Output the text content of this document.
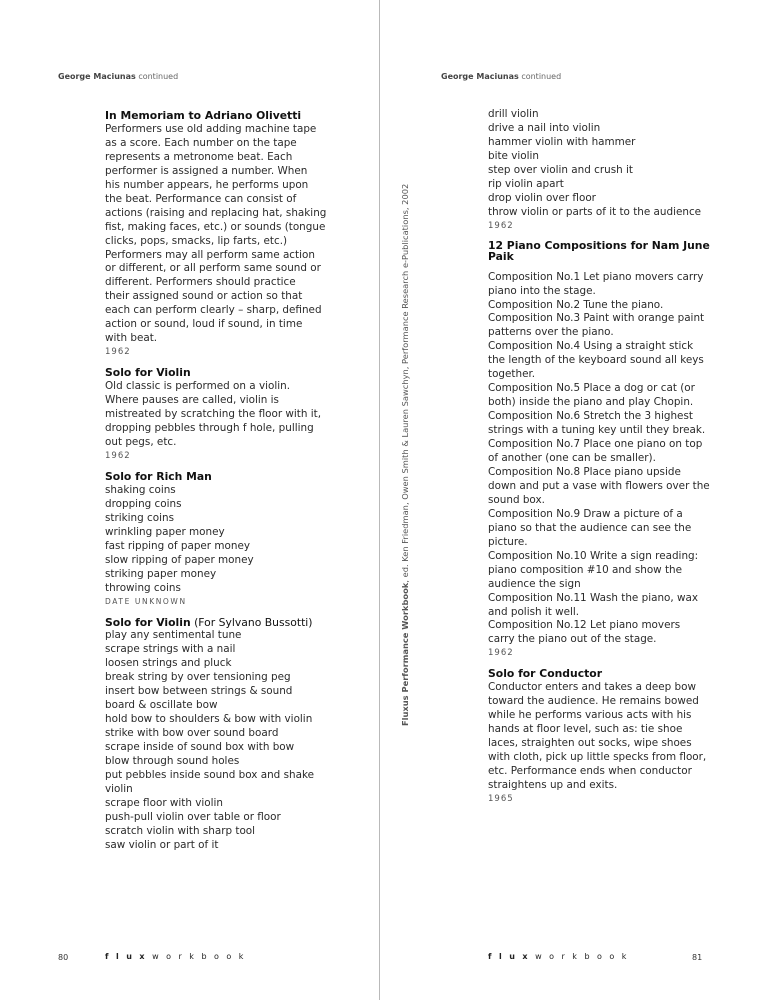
George Maciunas continued	George Maciunas continued
In Memoriam to Adriano Olivetti
Performers use old adding machine tape
as a score. Each number on the tape
represents a metronome beat. Each
performer is assigned a number. When
his number appears, he performs upon
the beat. Performance can consist of
actions (raising and replacing hat, shaking
fist, making faces, etc.) or sounds (tongue
clicks, pops, smacks, lip farts, etc.)
Performers may all perform same action
or different, or all perform same sound or
different. Performers should practice
their assigned sound or action so that
each can perform clearly – sharp, defined
action or sound, loud if sound, in time
with beat.
1962
Solo for Violin
Old classic is performed on a violin.
Where pauses are called, violin is
mistreated by scratching the floor with it,
dropping pebbles through f hole, pulling
out pegs, etc.
1962
Solo for Rich Man
shaking coins
dropping coins
striking coins
wrinkling paper money
fast ripping of paper money
slow ripping of paper money
striking paper money
throwing coins
DATE UNKNOWN
Solo for Violin (For Sylvano Bussotti)
play any sentimental tune
scrape strings with a nail
loosen strings and pluck
break string by over tensioning peg
insert bow between strings & sound
board & oscillate bow
hold bow to shoulders & bow with violin
strike with bow over sound board
scrape inside of sound box with bow
blow through sound holes
put pebbles inside sound box and shake
violin
scrape floor with violin
push-pull violin over table or floor
scratch violin with sharp tool
saw violin or part of it
drill violin
drive a nail into violin
hammer violin with hammer
bite violin
step over violin and crush it
rip violin apart
drop violin over floor
throw violin or parts of it to the audience
1962
12 Piano Compositions for Nam June Paik
Composition No.1 Let piano movers carry
piano into the stage.
Composition No.2 Tune the piano.
Composition No.3 Paint with orange paint
patterns over the piano.
Composition No.4 Using a straight stick
the length of the keyboard sound all keys
together.
Composition No.5 Place a dog or cat (or
both) inside the piano and play Chopin.
Composition No.6 Stretch the 3 highest
strings with a tuning key until they break.
Composition No.7 Place one piano on top
of another (one can be smaller).
Composition No.8 Place piano upside
down and put a vase with flowers over the
sound box.
Composition No.9 Draw a picture of a
piano so that the audience can see the
picture.
Composition No.10 Write a sign reading:
piano composition #10 and show the
audience the sign
Composition No.11 Wash the piano, wax
and polish it well.
Composition No.12 Let piano movers
carry the piano out of the stage.
1962
Solo for Conductor
Conductor enters and takes a deep bow
toward the audience. He remains bowed
while he performs various acts with his
hands at floor level, such as: tie shoe
laces, straighten out socks, wipe shoes
with cloth, pick up little specks from floor,
etc. Performance ends when conductor
straightens up and exits.
1965
Fluxus Performance Workbook, ed. Ken Friedman, Owen Smith & Lauren Sawchyn, Performance Research e-Publications, 2002
80	fluxworkbook	fluxworkbook	81
